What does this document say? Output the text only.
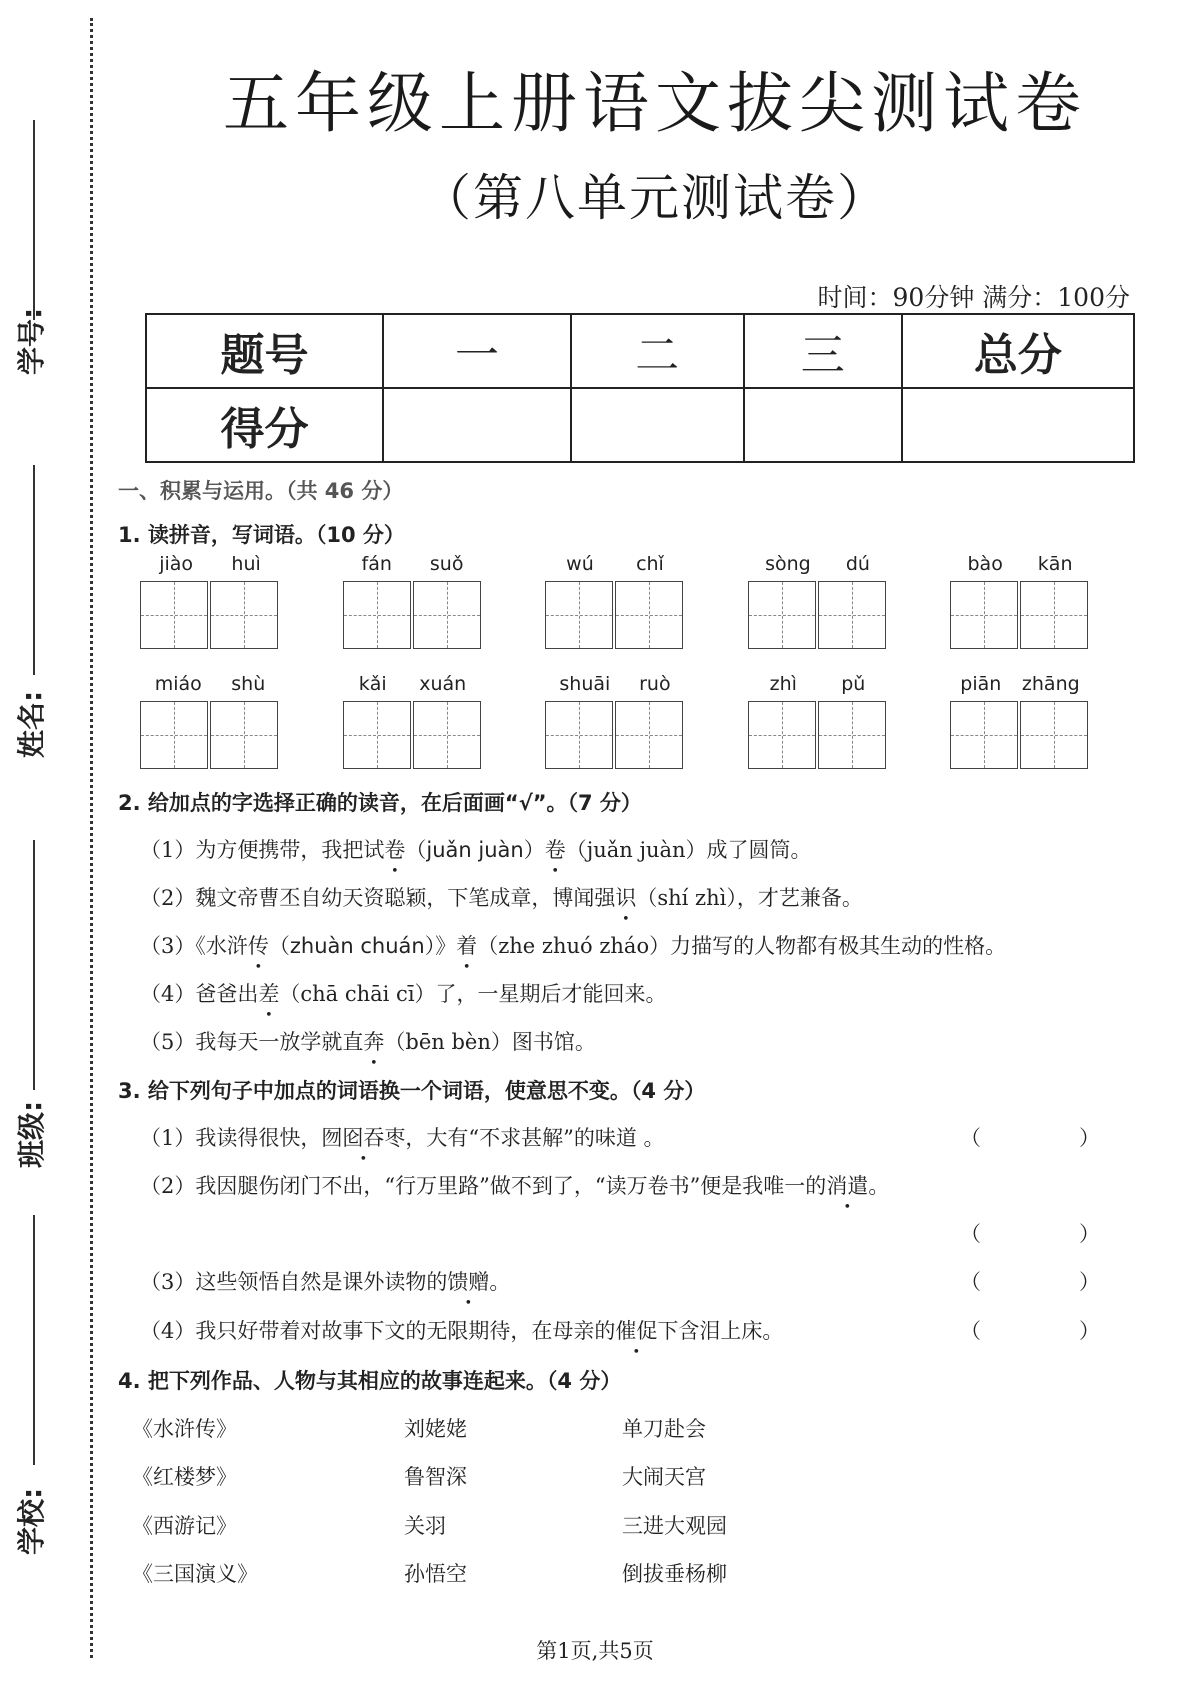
学号:
姓名:
班级:
学校:
五年级上册语文拔尖测试卷
（第八单元测试卷）
时间：90分钟 满分：100分
题号	一	二	三	总分
得分				
一、积累与运用。（共 46 分）
1. 读拼音，写词语。（10 分）
jiào huì	fán suǒ	wú chǐ	sòng dú	bào kān
miáo shù	kǎi xuán	shuāi ruò	zhì pǔ	piān zhāng
2. 给加点的字选择正确的读音，在后面画“√”。（7 分）
（1）为方便携带，我把试卷（juǎn juàn）卷（juǎn juàn）成了圆筒。
（2）魏文帝曹丕自幼天资聪颖，下笔成章，博闻强识（shí zhì），才艺兼备。
（3）《水浒传（zhuàn chuán）》着（zhe zhuó zháo）力描写的人物都有极其生动的性格。
（4）爸爸出差（chā chāi cī）了，一星期后才能回来。
（5）我每天一放学就直奔（bēn bèn）图书馆。
3. 给下列句子中加点的词语换一个词语，使意思不变。（4 分）
（1）我读得很快，囫囵吞枣，大有“不求甚解”的味道 。	（	）
（2）我因腿伤闭门不出，“行万里路”做不到了，“读万卷书”便是我唯一的消遣。
（	）
（3）这些领悟自然是课外读物的馈赠。	（	）
（4）我只好带着对故事下文的无限期待，在母亲的催促下含泪上床。	（	）
4. 把下列作品、人物与其相应的故事连起来。（4 分）
《水浒传》	刘姥姥	单刀赴会
《红楼梦》	鲁智深	大闹天宫
《西游记》	关羽	三进大观园
《三国演义》	孙悟空	倒拔垂杨柳
第1页,共5页
